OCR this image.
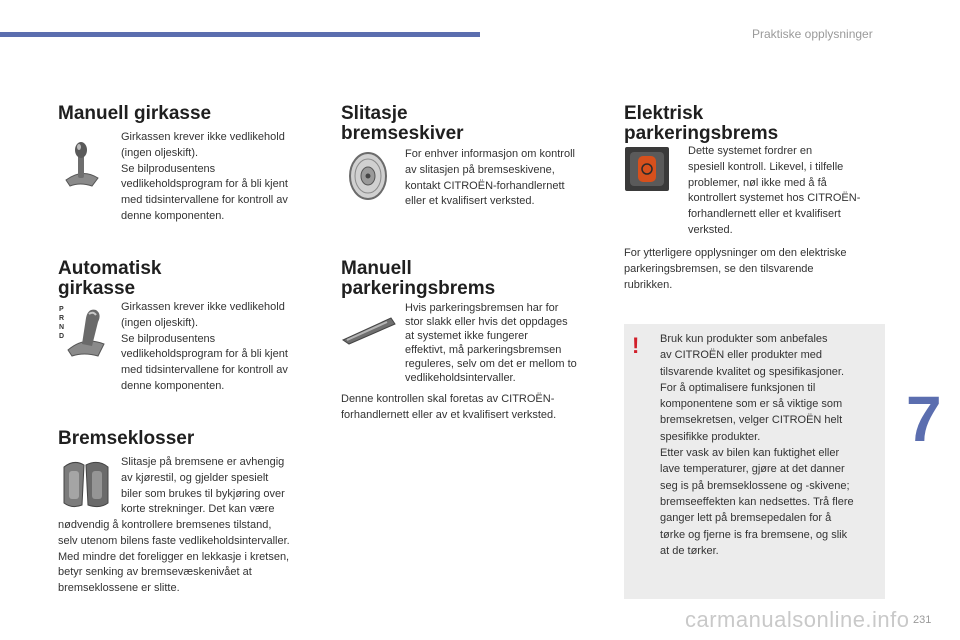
Praktiske opplysninger
Manuell girkasse
Girkassen krever ikke vedlikehold
(ingen oljeskift).
Se bilprodusentens
vedlikeholdsprogram for å bli kjent
med tidsintervallene for kontroll av
denne komponenten.
Automatisk
girkasse
P
R
N
D
Girkassen krever ikke vedlikehold
(ingen oljeskift).
Se bilprodusentens
vedlikeholdsprogram for å bli kjent
med tidsintervallene for kontroll av
denne komponenten.
Bremseklosser
Slitasje på bremsene er avhengig
av kjørestil, og gjelder spesielt
biler som brukes til bykjøring over
korte strekninger. Det kan være
nødvendig å kontrollere bremsenes tilstand,
selv utenom bilens faste vedlikeholdsintervaller.
Med mindre det foreligger en lekkasje i kretsen,
betyr senking av bremsevæskenivået at
bremseklossene er slitte.
Slitasje
bremseskiver
For enhver informasjon om kontroll
av slitasjen på bremseskivene,
kontakt CITROËN-forhandlernett
eller et kvalifisert verksted.
Manuell
parkeringsbrems
Hvis parkeringsbremsen har for
stor slakk eller hvis det oppdages
at systemet ikke fungerer
effektivt, må parkeringsbremsen
reguleres, selv om det er mellom to
vedlikeholdsintervaller.
Denne kontrollen skal foretas av CITROËN-
forhandlernett eller av et kvalifisert verksted.
Elektrisk
parkeringsbrems
Dette systemet fordrer en
spesiell kontroll. Likevel, i tilfelle
problemer, nøl ikke med å få
kontrollert systemet hos CITROËN-
forhandlernett eller et kvalifisert
verksted.
For ytterligere opplysninger om den elektriske
parkeringsbremsen, se den tilsvarende
rubrikken.
! Bruk kun produkter som anbefales
av CITROËN eller produkter med
tilsvarende kvalitet og spesifikasjoner.
For å optimalisere funksjonen til
komponentene som er så viktige som
bremsekretsen, velger CITROËN helt
spesifikke produkter.
Etter vask av bilen kan fuktighet eller
lave temperaturer, gjøre at det danner
seg is på bremseklossene og -skivene;
bremseeffekten kan nedsettes. Trå flere
ganger lett på bremsepedalen for å
tørke og fjerne is fra bremsene, og slik
at de tørker.
7
carmanualsonline.info 231
